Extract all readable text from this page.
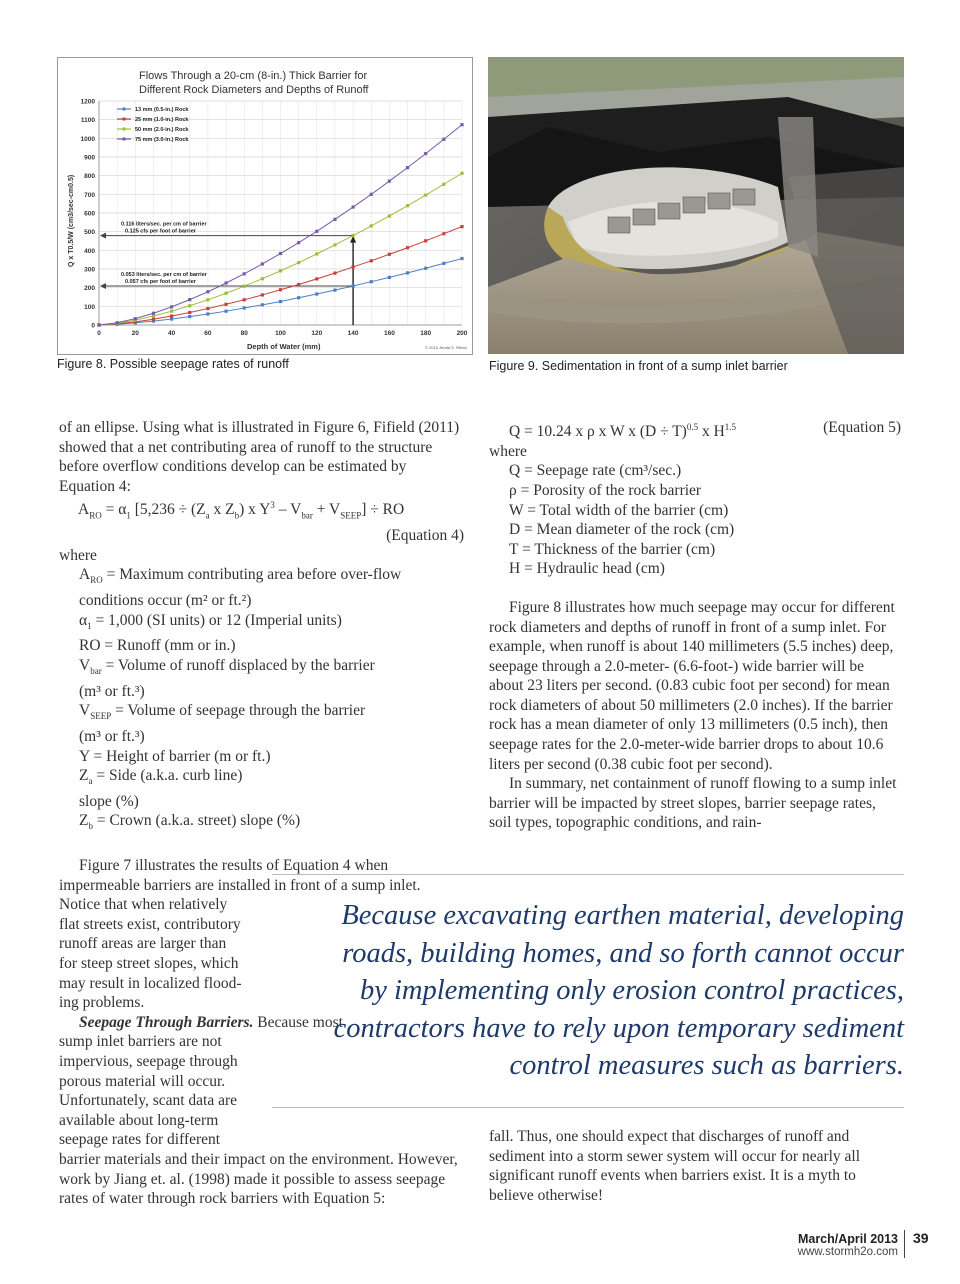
0
100
200
300
400
500
600
700
800
900
1000
1100
1200
0	20	40	60	80	100	120	140	160	180	200
0.116 liters/sec. per cm of barrier
0.125 cfs per foot of barrier
0.053 liters/sec. per cm of barrier
0.057 cfs per foot of barrier
13 mm (0.5-in.) Rock
25 mm (1.0-in.) Rock
50 mm (2.0-in.) Rock
75 mm (3.0-in.) Rock
Flows Through a 20-cm (8-in.) Thick Barrier for
Different Rock Diameters and Depths of Runoff
Q x T0.5/W (cm3/sec-cm0.5)
Depth of Water (mm)	© 2010 Jerald S. Fifield
Figure 8. Possible seepage rates of runoff	Figure 9. Sedimentation in front of a sump inlet barrier

of an ellipse. Using what is illustrated in Figure 6, Fifield (2011) showed that a net contributing area of runoff to the structure before overflow conditions develop can be estimated by Equation 4:

$A_{RO} = \alpha_1$ [$5,236 \div (Z_a$ x $Z_b$) x $Y^3 - V_{bar} + V_{SEEP}$] ÷ RO

(Equation 4)

where

$A_{RO}$ = Maximum contributing area before over-flow conditions occur (m² or ft.²)

$\alpha_1 = 1,000$ (SI units) or 12 (Imperial units)

RO = Runoff (mm or in.)

$V_{bar}$ = Volume of runoff displaced by the barrier

(m³ or ft.³)

$V_{SEEP}$ = Volume of seepage through the barrier

(m³ or ft.³)

Y = Height of barrier (m or ft.)

$Z_a$ = Side (a.k.a. curb line)

slope (%)

$Z_b$ = Crown (a.k.a. street) slope (%)

Figure 7 illustrates the results of Equation 4 when impermeable barriers are installed in front of a sump inlet.

Notice that when relatively
flat streets exist, contributory
runoff areas are larger than
for steep street slopes, which
may result in localized flood-
ing problems.

Seepage Through Barriers. Because most

sump inlet barriers are not
impervious, seepage through
porous material will occur.
Unfortunately, scant data are
available about long-term
seepage rates for different

barrier materials and their impact on the environment. However, work by Jiang et. al. (1998) made it possible to assess seepage rates of water through rock barriers with Equation 5:

Q = 10.24 x ρ x W x $(D \div T)^{0.5}$ x $H^{1.5}$	(Equation 5)

where

Q = Seepage rate (cm³/sec.)
ρ = Porosity of the rock barrier
W = Total width of the barrier (cm)
D = Mean diameter of the rock (cm)
T = Thickness of the barrier (cm)
H = Hydraulic head (cm)

Figure 8 illustrates how much seepage may occur for different rock diameters and depths of runoff in front of a sump inlet. For example, when runoff is about 140 millimeters (5.5 inches) deep, seepage through a 2.0-meter- (6.6-foot-) wide barrier will be about 23 liters per second. (0.83 cubic foot per second) for mean rock diameters of about 50 millimeters (2.0 inches). If the barrier rock has a mean diameter of only 13 millimeters (0.5 inch), then seepage rates for the 2.0-meter-wide barrier drops to about 10.6 liters per second (0.38 cubic foot per second).

In summary, net containment of runoff flowing to a sump inlet barrier will be impacted by street slopes, barrier seepage rates, soil types, topographic conditions, and rain-

Because excavating earthen material, developing
roads, building homes, and so forth cannot occur
by implementing only erosion control practices,
contractors have to rely upon temporary sediment
control measures such as barriers.
fall. Thus, one should expect that discharges of runoff and sediment into a storm sewer system will occur for nearly all significant runoff events when barriers exist. It is a myth to believe otherwise!
March/April 2013
www.stormh2o.com
39
